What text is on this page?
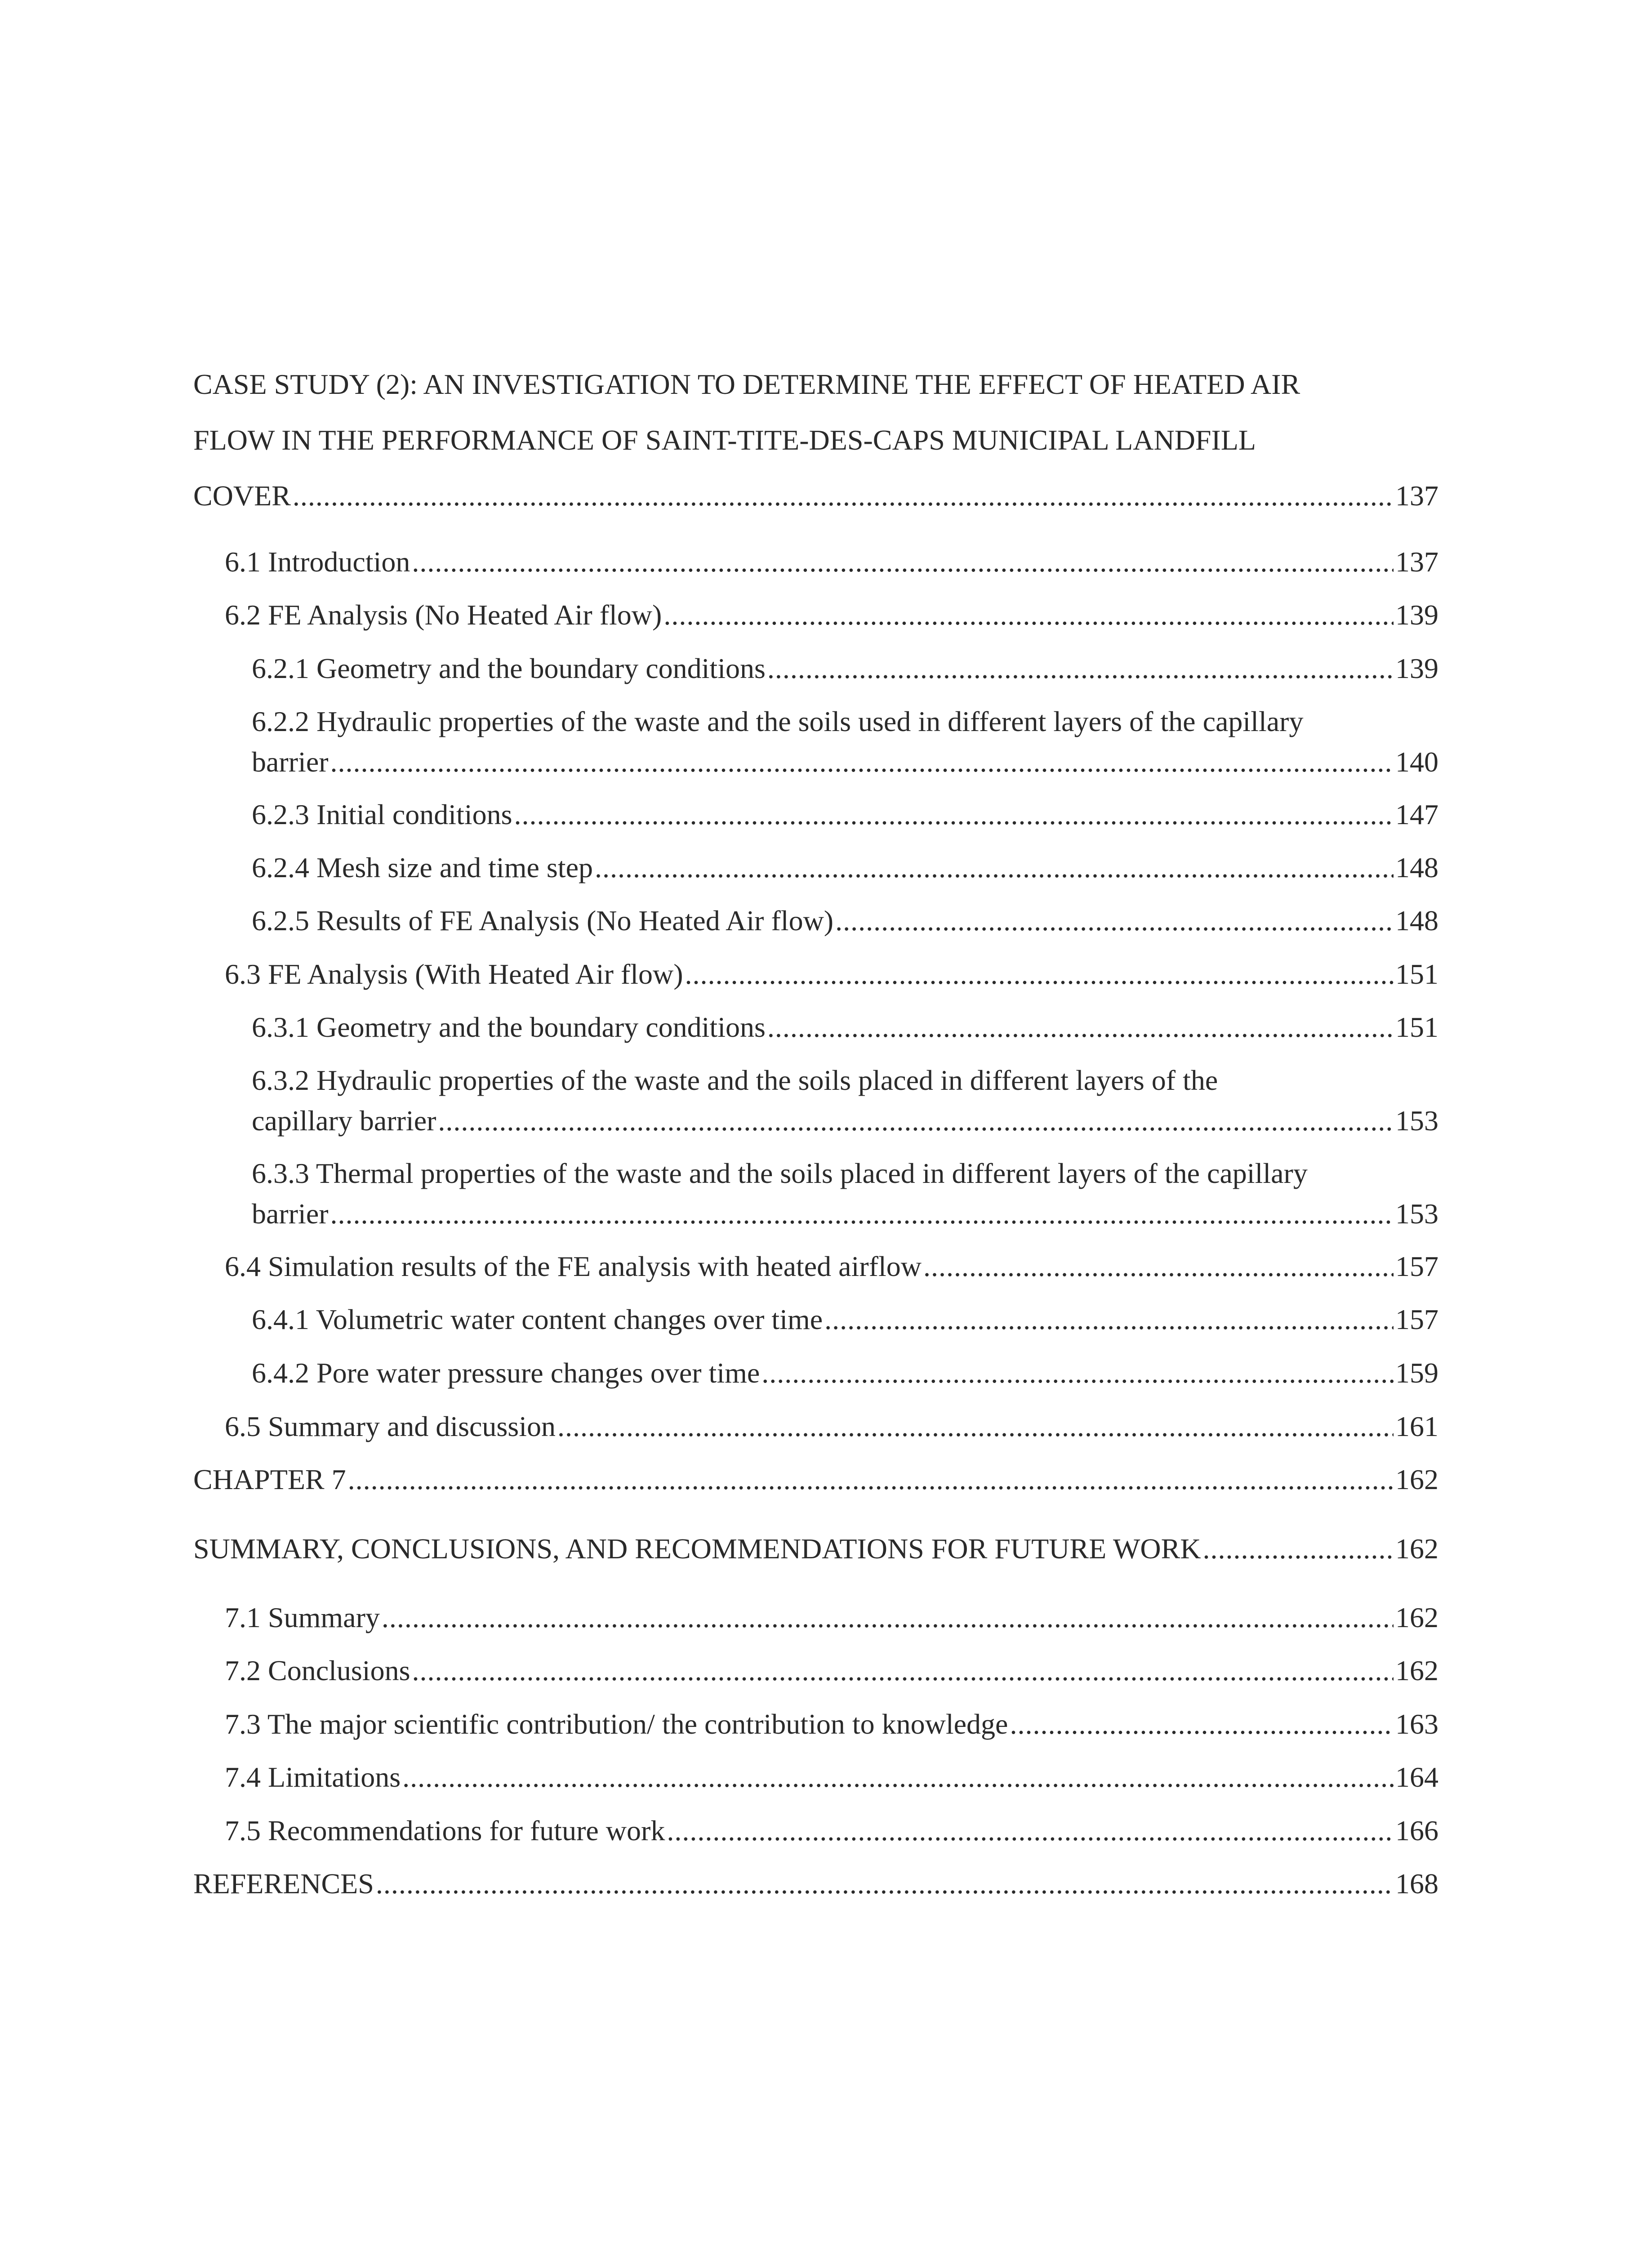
CASE STUDY (2): AN INVESTIGATION TO DETERMINE THE EFFECT OF HEATED AIR
FLOW IN THE PERFORMANCE OF SAINT-TITE-DES-CAPS MUNICIPAL LANDFILL
COVER .....	137
6.1 Introduction .....	137
6.2 FE Analysis (No Heated Air flow) .....	139
6.2.1 Geometry and the boundary conditions .....	139
6.2.2 Hydraulic properties of the waste and the soils used in different layers of the capillary
barrier .....	140
6.2.3 Initial conditions .....	147
6.2.4 Mesh size and time step .....	148
6.2.5 Results of FE Analysis (No Heated Air flow) .....	148
6.3 FE Analysis (With Heated Air flow) .....	151
6.3.1 Geometry and the boundary conditions .....	151
6.3.2 Hydraulic properties of the waste and the soils placed in different layers of the
capillary barrier .....	153
6.3.3 Thermal properties of the waste and the soils placed in different layers of the capillary
barrier .....	153
6.4 Simulation results of the FE analysis with heated airflow .....	157
6.4.1 Volumetric water content changes over time .....	157
6.4.2 Pore water pressure changes over time .....	159
6.5 Summary and discussion .....	161
CHAPTER 7 .....	162
SUMMARY, CONCLUSIONS, AND RECOMMENDATIONS FOR FUTURE WORK .....	162
7.1 Summary .....	162
7.2 Conclusions .....	162
7.3 The major scientific contribution/ the contribution to knowledge .....	163
7.4 Limitations .....	164
7.5 Recommendations for future work .....	166
REFERENCES .....	168
